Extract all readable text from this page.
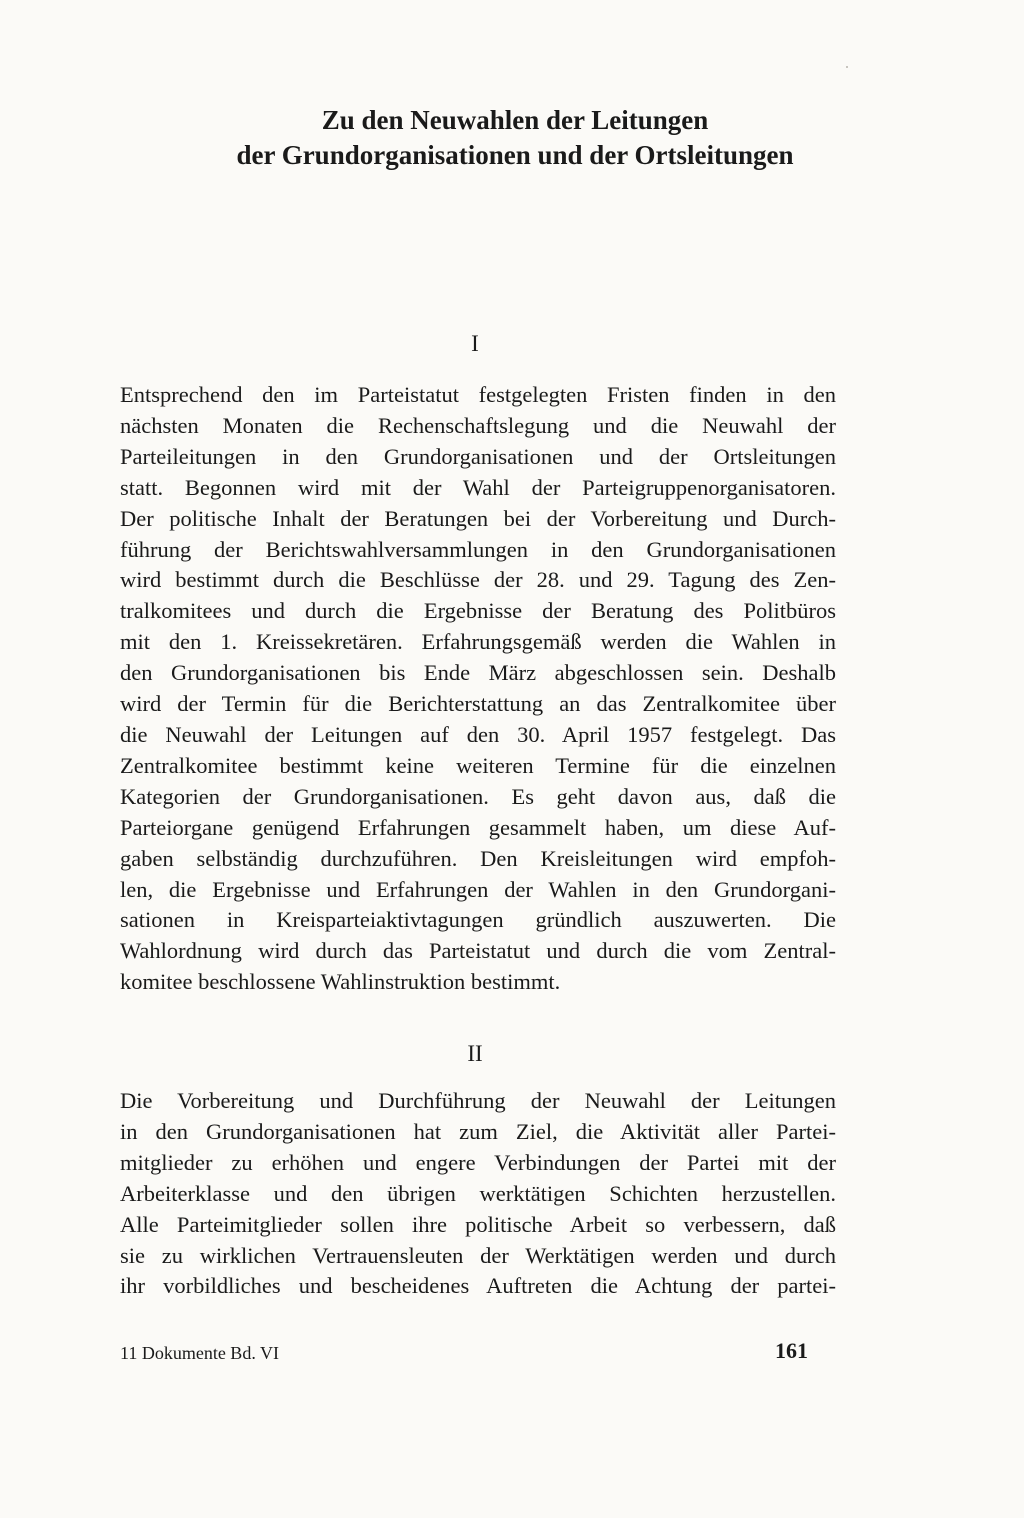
Zu den Neuwahlen der Leitungen
der Grundorganisationen und der Ortsleitungen
I

Entsprechend den im Parteistatut festgelegten Fristen finden in den
nächsten Monaten die Rechenschaftslegung und die Neuwahl der
Parteileitungen in den Grundorganisationen und der Ortsleitungen
statt. Begonnen wird mit der Wahl der Parteigruppenorganisatoren.
Der politische Inhalt der Beratungen bei der Vorbereitung und Durch-
führung der Berichtswahlversammlungen in den Grundorganisationen
wird bestimmt durch die Beschlüsse der 28. und 29. Tagung des Zen-
tralkomitees und durch die Ergebnisse der Beratung des Politbüros
mit den 1. Kreissekretären. Erfahrungsgemäß werden die Wahlen in
den Grundorganisationen bis Ende März abgeschlossen sein. Deshalb
wird der Termin für die Berichterstattung an das Zentralkomitee über
die Neuwahl der Leitungen auf den 30. April 1957 festgelegt. Das
Zentralkomitee bestimmt keine weiteren Termine für die einzelnen
Kategorien der Grundorganisationen. Es geht davon aus, daß die
Parteiorgane genügend Erfahrungen gesammelt haben, um diese Auf-
gaben selbständig durchzuführen. Den Kreisleitungen wird empfoh-
len, die Ergebnisse und Erfahrungen der Wahlen in den Grundorgani-
sationen in Kreisparteiaktivtagungen gründlich auszuwerten. Die
Wahlordnung wird durch das Parteistatut und durch die vom Zentral-
komitee beschlossene Wahlinstruktion bestimmt.

II

Die Vorbereitung und Durchführung der Neuwahl der Leitungen
in den Grundorganisationen hat zum Ziel, die Aktivität aller Partei-
mitglieder zu erhöhen und engere Verbindungen der Partei mit der
Arbeiterklasse und den übrigen werktätigen Schichten herzustellen.
Alle Parteimitglieder sollen ihre politische Arbeit so verbessern, daß
sie zu wirklichen Vertrauensleuten der Werktätigen werden und durch
ihr vorbildliches und bescheidenes Auftreten die Achtung der partei-

11 Dokumente Bd. VI	161
